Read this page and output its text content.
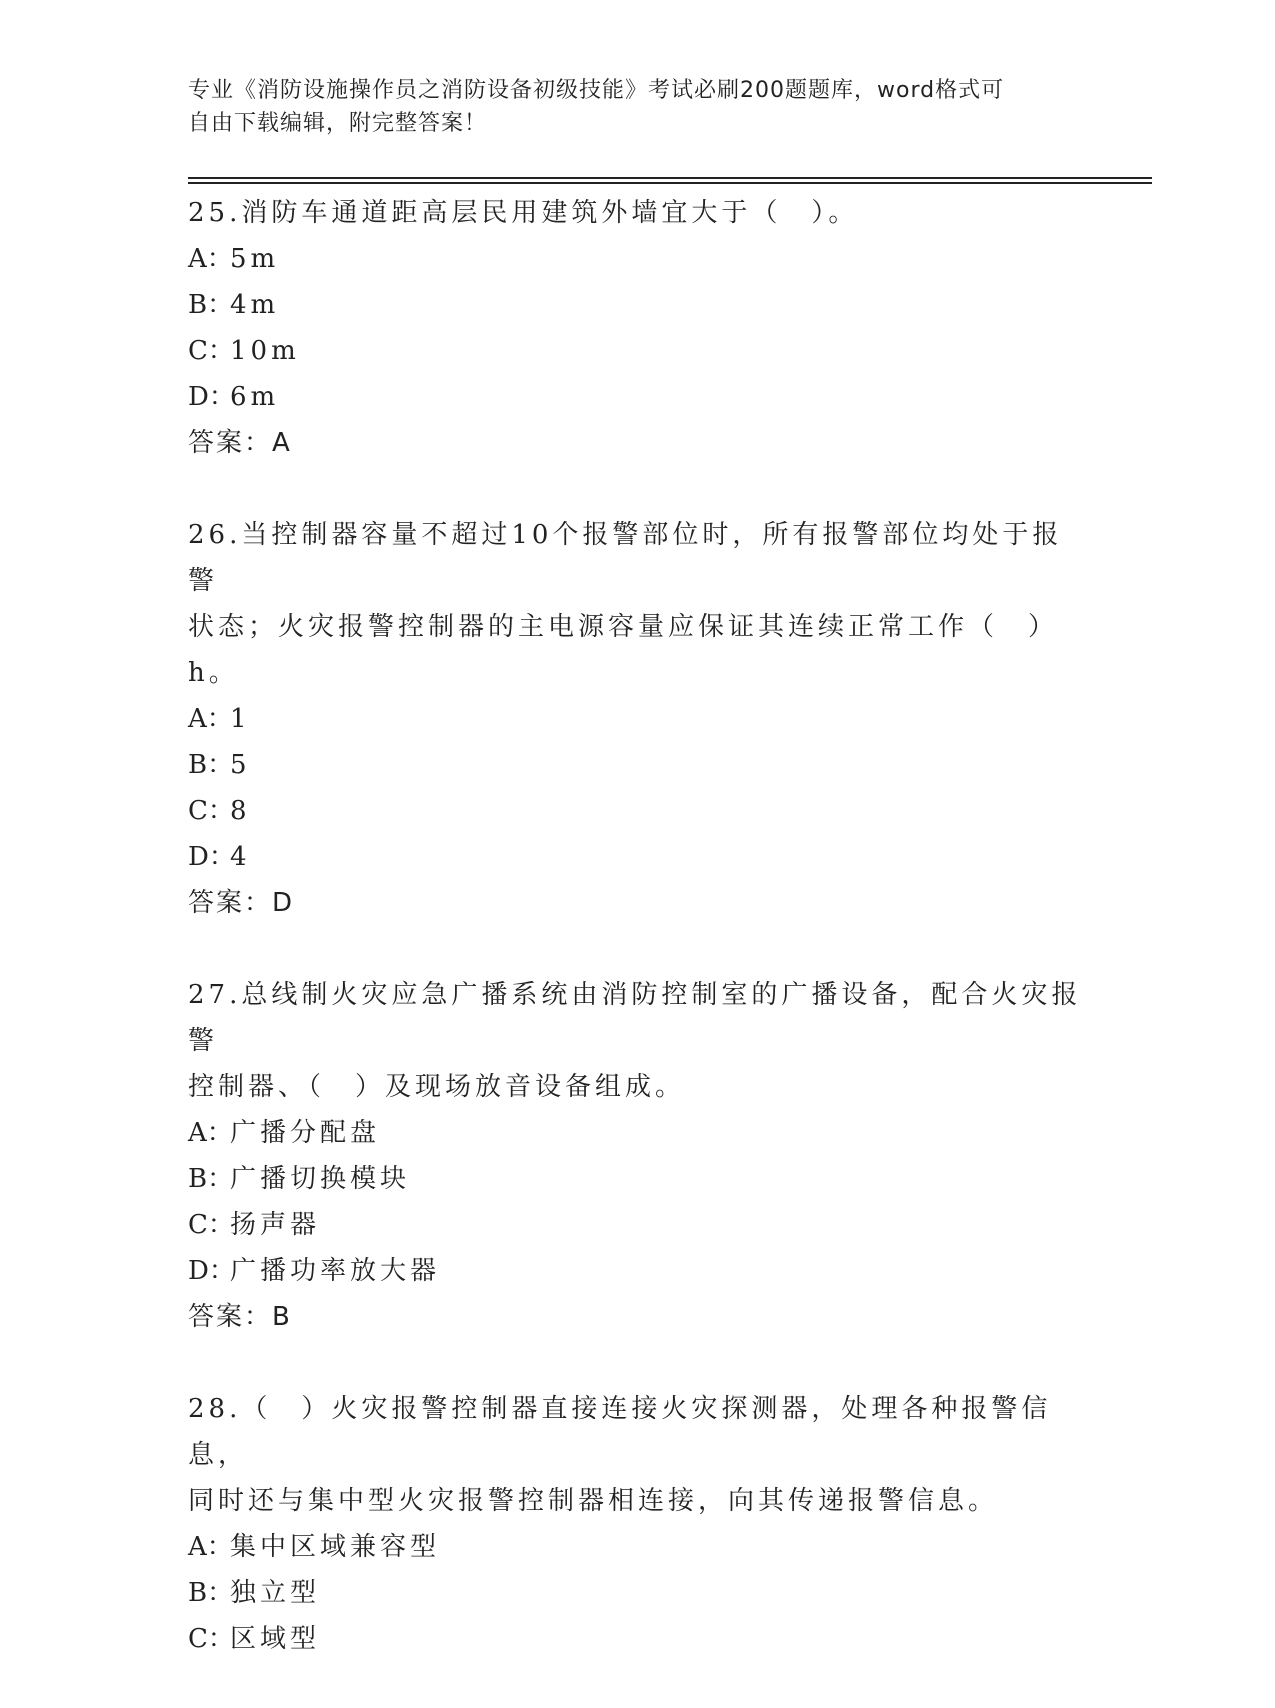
专业《消防设施操作员之消防设备初级技能》考试必刷200题题库，word格式可
自由下载编辑，附完整答案！

25.消防车通道距高层民用建筑外墙宜大于（　）。

A：5m

B：4m

C：10m

D：6m

答案：A

26.当控制器容量不超过10个报警部位时，所有报警部位均处于报警

状态；火灾报警控制器的主电源容量应保证其连续正常工作（　）h。

A：1

B：5

C：8

D：4

答案：D

27.总线制火灾应急广播系统由消防控制室的广播设备，配合火灾报警

控制器、（　）及现场放音设备组成。

A：广播分配盘

B：广播切换模块

C：扬声器

D：广播功率放大器

答案：B

28.（　）火灾报警控制器直接连接火灾探测器，处理各种报警信息，

同时还与集中型火灾报警控制器相连接，向其传递报警信息。

A：集中区域兼容型

B：独立型

C：区域型
